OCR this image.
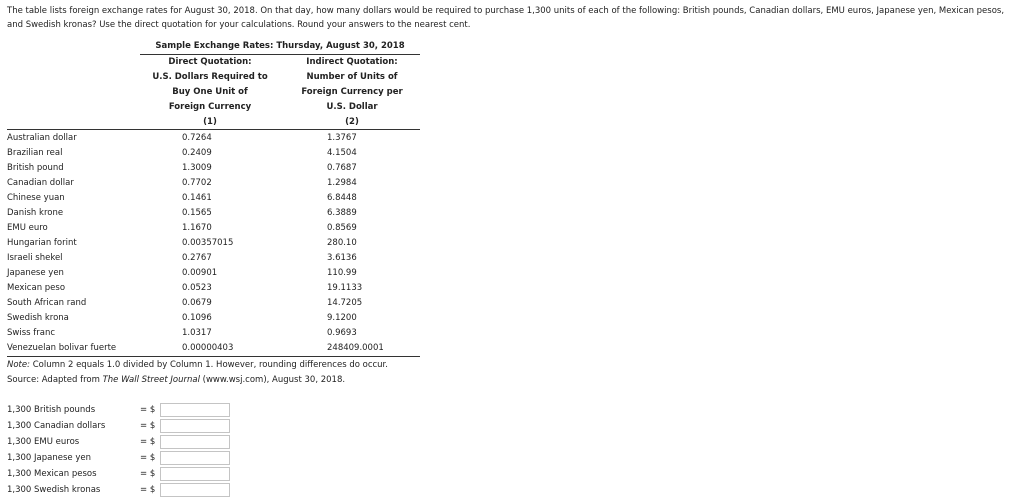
The table lists foreign exchange rates for August 30, 2018. On that day, how many dollars would be required to purchase 1,300 units of each of the following: British pounds, Canadian dollars, EMU euros, Japanese yen, Mexican pesos, and Swedish kronas? Use the direct quotation for your calculations. Round your answers to the nearest cent.

Sample Exchange Rates: Thursday, August 30, 2018
Direct Quotation:
U.S. Dollars Required to
Buy One Unit of
Foreign Currency
(1)
Indirect Quotation:
Number of Units of
Foreign Currency per
U.S. Dollar
(2)
Australian dollar	0.7264	1.3767
Brazilian real	0.2409	4.1504
British pound	1.3009	0.7687
Canadian dollar	0.7702	1.2984
Chinese yuan	0.1461	6.8448
Danish krone	0.1565	6.3889
EMU euro	1.1670	0.8569
Hungarian forint	0.00357015	280.10
Israeli shekel	0.2767	3.6136
Japanese yen	0.00901	110.99
Mexican peso	0.0523	19.1133
South African rand	0.0679	14.7205
Swedish krona	0.1096	9.1200
Swiss franc	1.0317	0.9693
Venezuelan bolivar fuerte	0.00000403	248409.0001
Note: Column 2 equals 1.0 divided by Column 1. However, rounding differences do occur.
Source: Adapted from The Wall Street Journal (www.wsj.com), August 30, 2018.
1,300 British pounds	= $
1,300 Canadian dollars	= $
1,300 EMU euros	= $
1,300 Japanese yen	= $
1,300 Mexican pesos	= $
1,300 Swedish kronas	= $
